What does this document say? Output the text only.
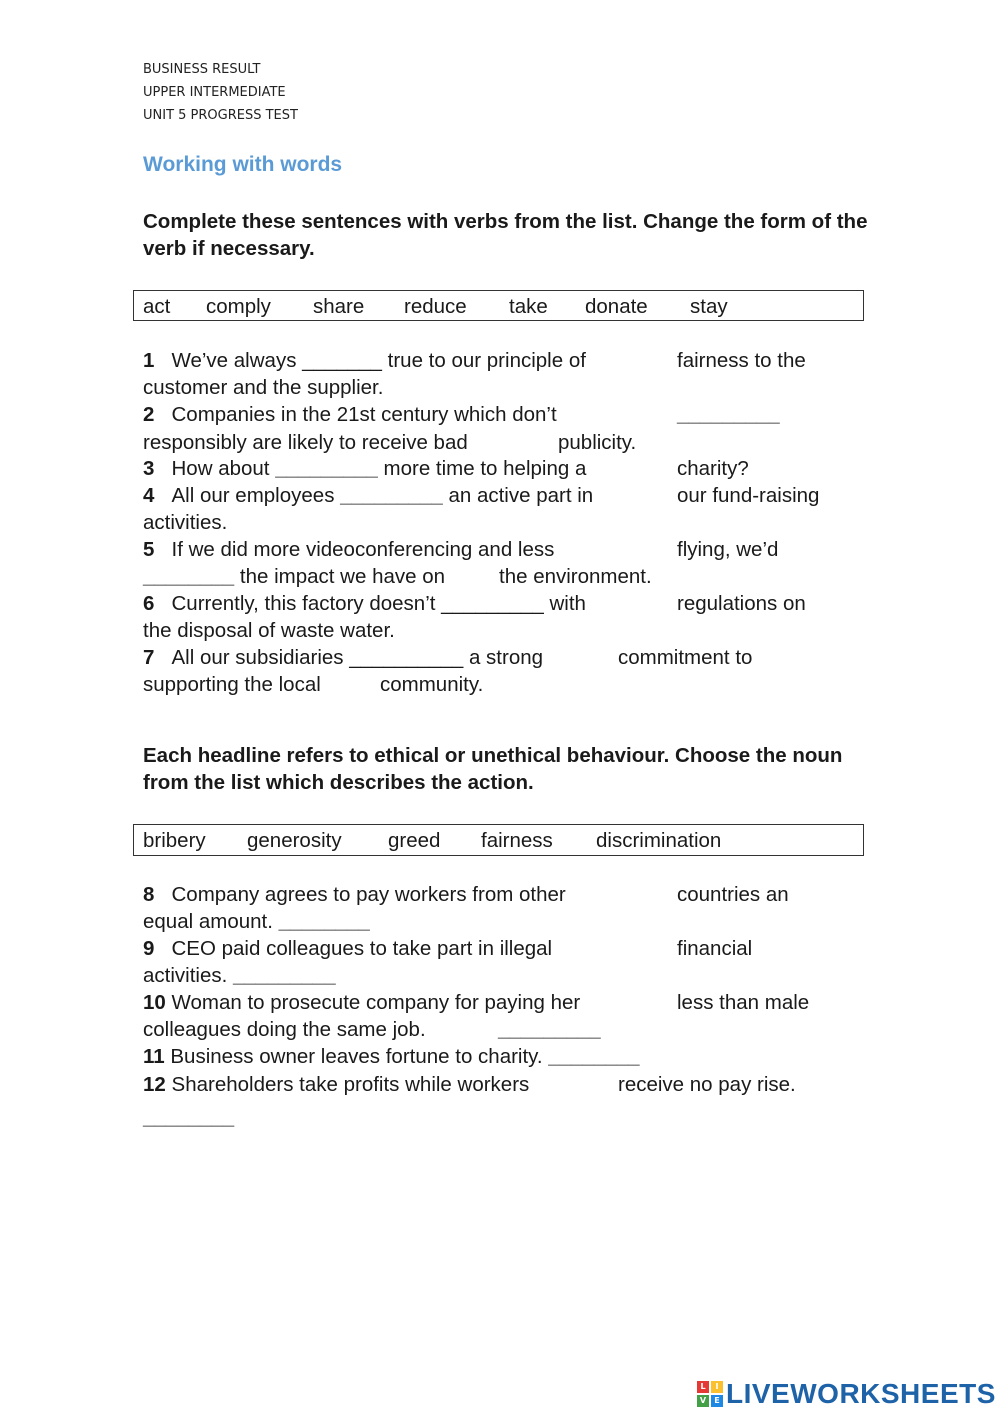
BUSINESS RESULT
UPPER INTERMEDIATE
UNIT 5 PROGRESS TEST
Working with words
Complete these sentences with verbs from the list. Change the form of the verb if necessary.
act comply share reduce take donate stay
1 We’ve always _______ true to our principle of	fairness to the
customer and the supplier.
2 Companies in the 21st century which don’t	_________
responsibly are likely to receive bad	publicity.
3 How about _________ more time to helping a	charity?
4 All our employees _________ an active part in	our fund-raising
activities.
5 If we did more videoconferencing and less	flying, we’d
________ the impact we have on	the environment.
6 Currently, this factory doesn’t _________ with	regulations on
the disposal of waste water.
7 All our subsidiaries __________ a strong	commitment to
supporting the local	community.
Each headline refers to ethical or unethical behaviour. Choose the noun from the list which describes the action.
bribery generosity greed fairness discrimination
8 Company agrees to pay workers from other	countries an
equal amount. ________
9 CEO paid colleagues to take part in illegal	financial
activities. _________
10 Woman to prosecute company for paying her	less than male
colleagues doing the same job.	_________
11 Business owner leaves fortune to charity. ________
12 Shareholders take profits while workers	receive no pay rise.
________
L	I
V	E LIVEWORKSHEETS
